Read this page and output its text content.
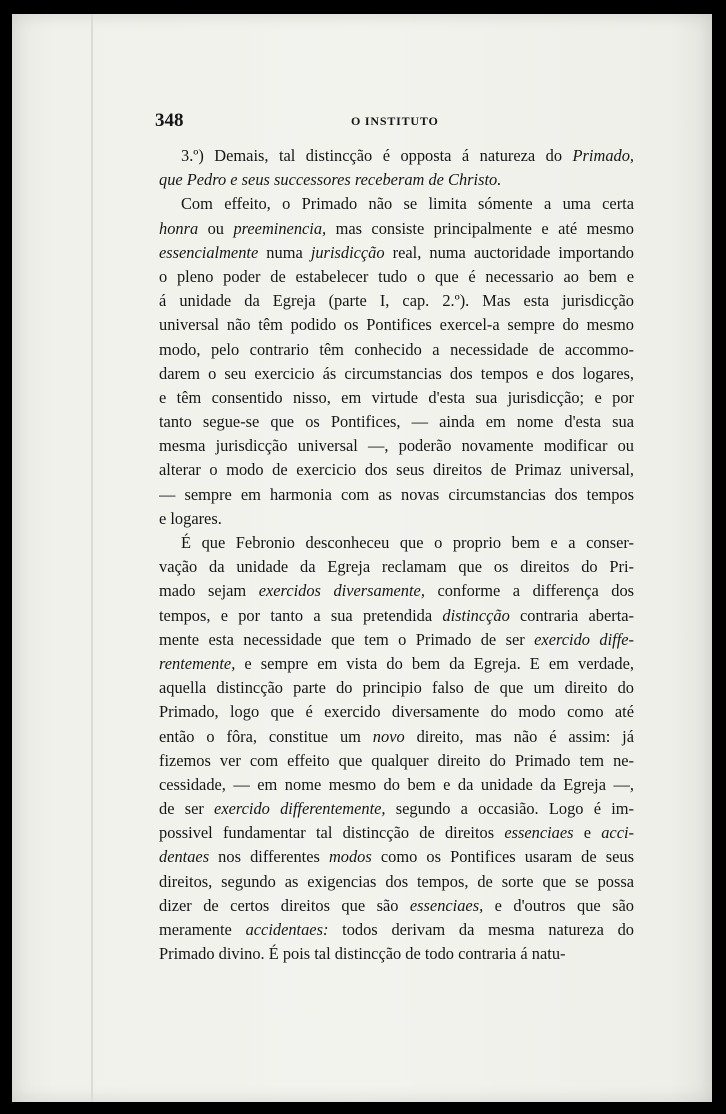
348	O INSTITUTO
3.º) Demais, tal distincção é opposta á natureza do Primado,
que Pedro e seus successores receberam de Christo.
Com effeito, o Primado não se limita sómente a uma certa
honra ou preeminencia, mas consiste principalmente e até mesmo
essencialmente numa jurisdicção real, numa auctoridade importando
o pleno poder de estabelecer tudo o que é necessario ao bem e
á unidade da Egreja (parte I, cap. 2.º). Mas esta jurisdicção
universal não têm podido os Pontifices exercel-a sempre do mesmo
modo, pelo contrario têm conhecido a necessidade de accommo-
darem o seu exercicio ás circumstancias dos tempos e dos logares,
e têm consentido nisso, em virtude d'esta sua jurisdicção; e por
tanto segue-se que os Pontifices, — ainda em nome d'esta sua
mesma jurisdicção universal —, poderão novamente modificar ou
alterar o modo de exercicio dos seus direitos de Primaz universal,
— sempre em harmonia com as novas circumstancias dos tempos
e logares.
É que Febronio desconheceu que o proprio bem e a conser-
vação da unidade da Egreja reclamam que os direitos do Pri-
mado sejam exercidos diversamente, conforme a differença dos
tempos, e por tanto a sua pretendida distincção contraria aberta-
mente esta necessidade que tem o Primado de ser exercido diffe-
rentemente, e sempre em vista do bem da Egreja. E em verdade,
aquella distincção parte do principio falso de que um direito do
Primado, logo que é exercido diversamente do modo como até
então o fôra, constitue um novo direito, mas não é assim: já
fizemos ver com effeito que qualquer direito do Primado tem ne-
cessidade, — em nome mesmo do bem e da unidade da Egreja —,
de ser exercido differentemente, segundo a occasião. Logo é im-
possivel fundamentar tal distincção de direitos essenciaes e acci-
dentaes nos differentes modos como os Pontifices usaram de seus
direitos, segundo as exigencias dos tempos, de sorte que se possa
dizer de certos direitos que são essenciaes, e d'outros que são
meramente accidentaes: todos derivam da mesma natureza do
Primado divino. É pois tal distincção de todo contraria á natu-
